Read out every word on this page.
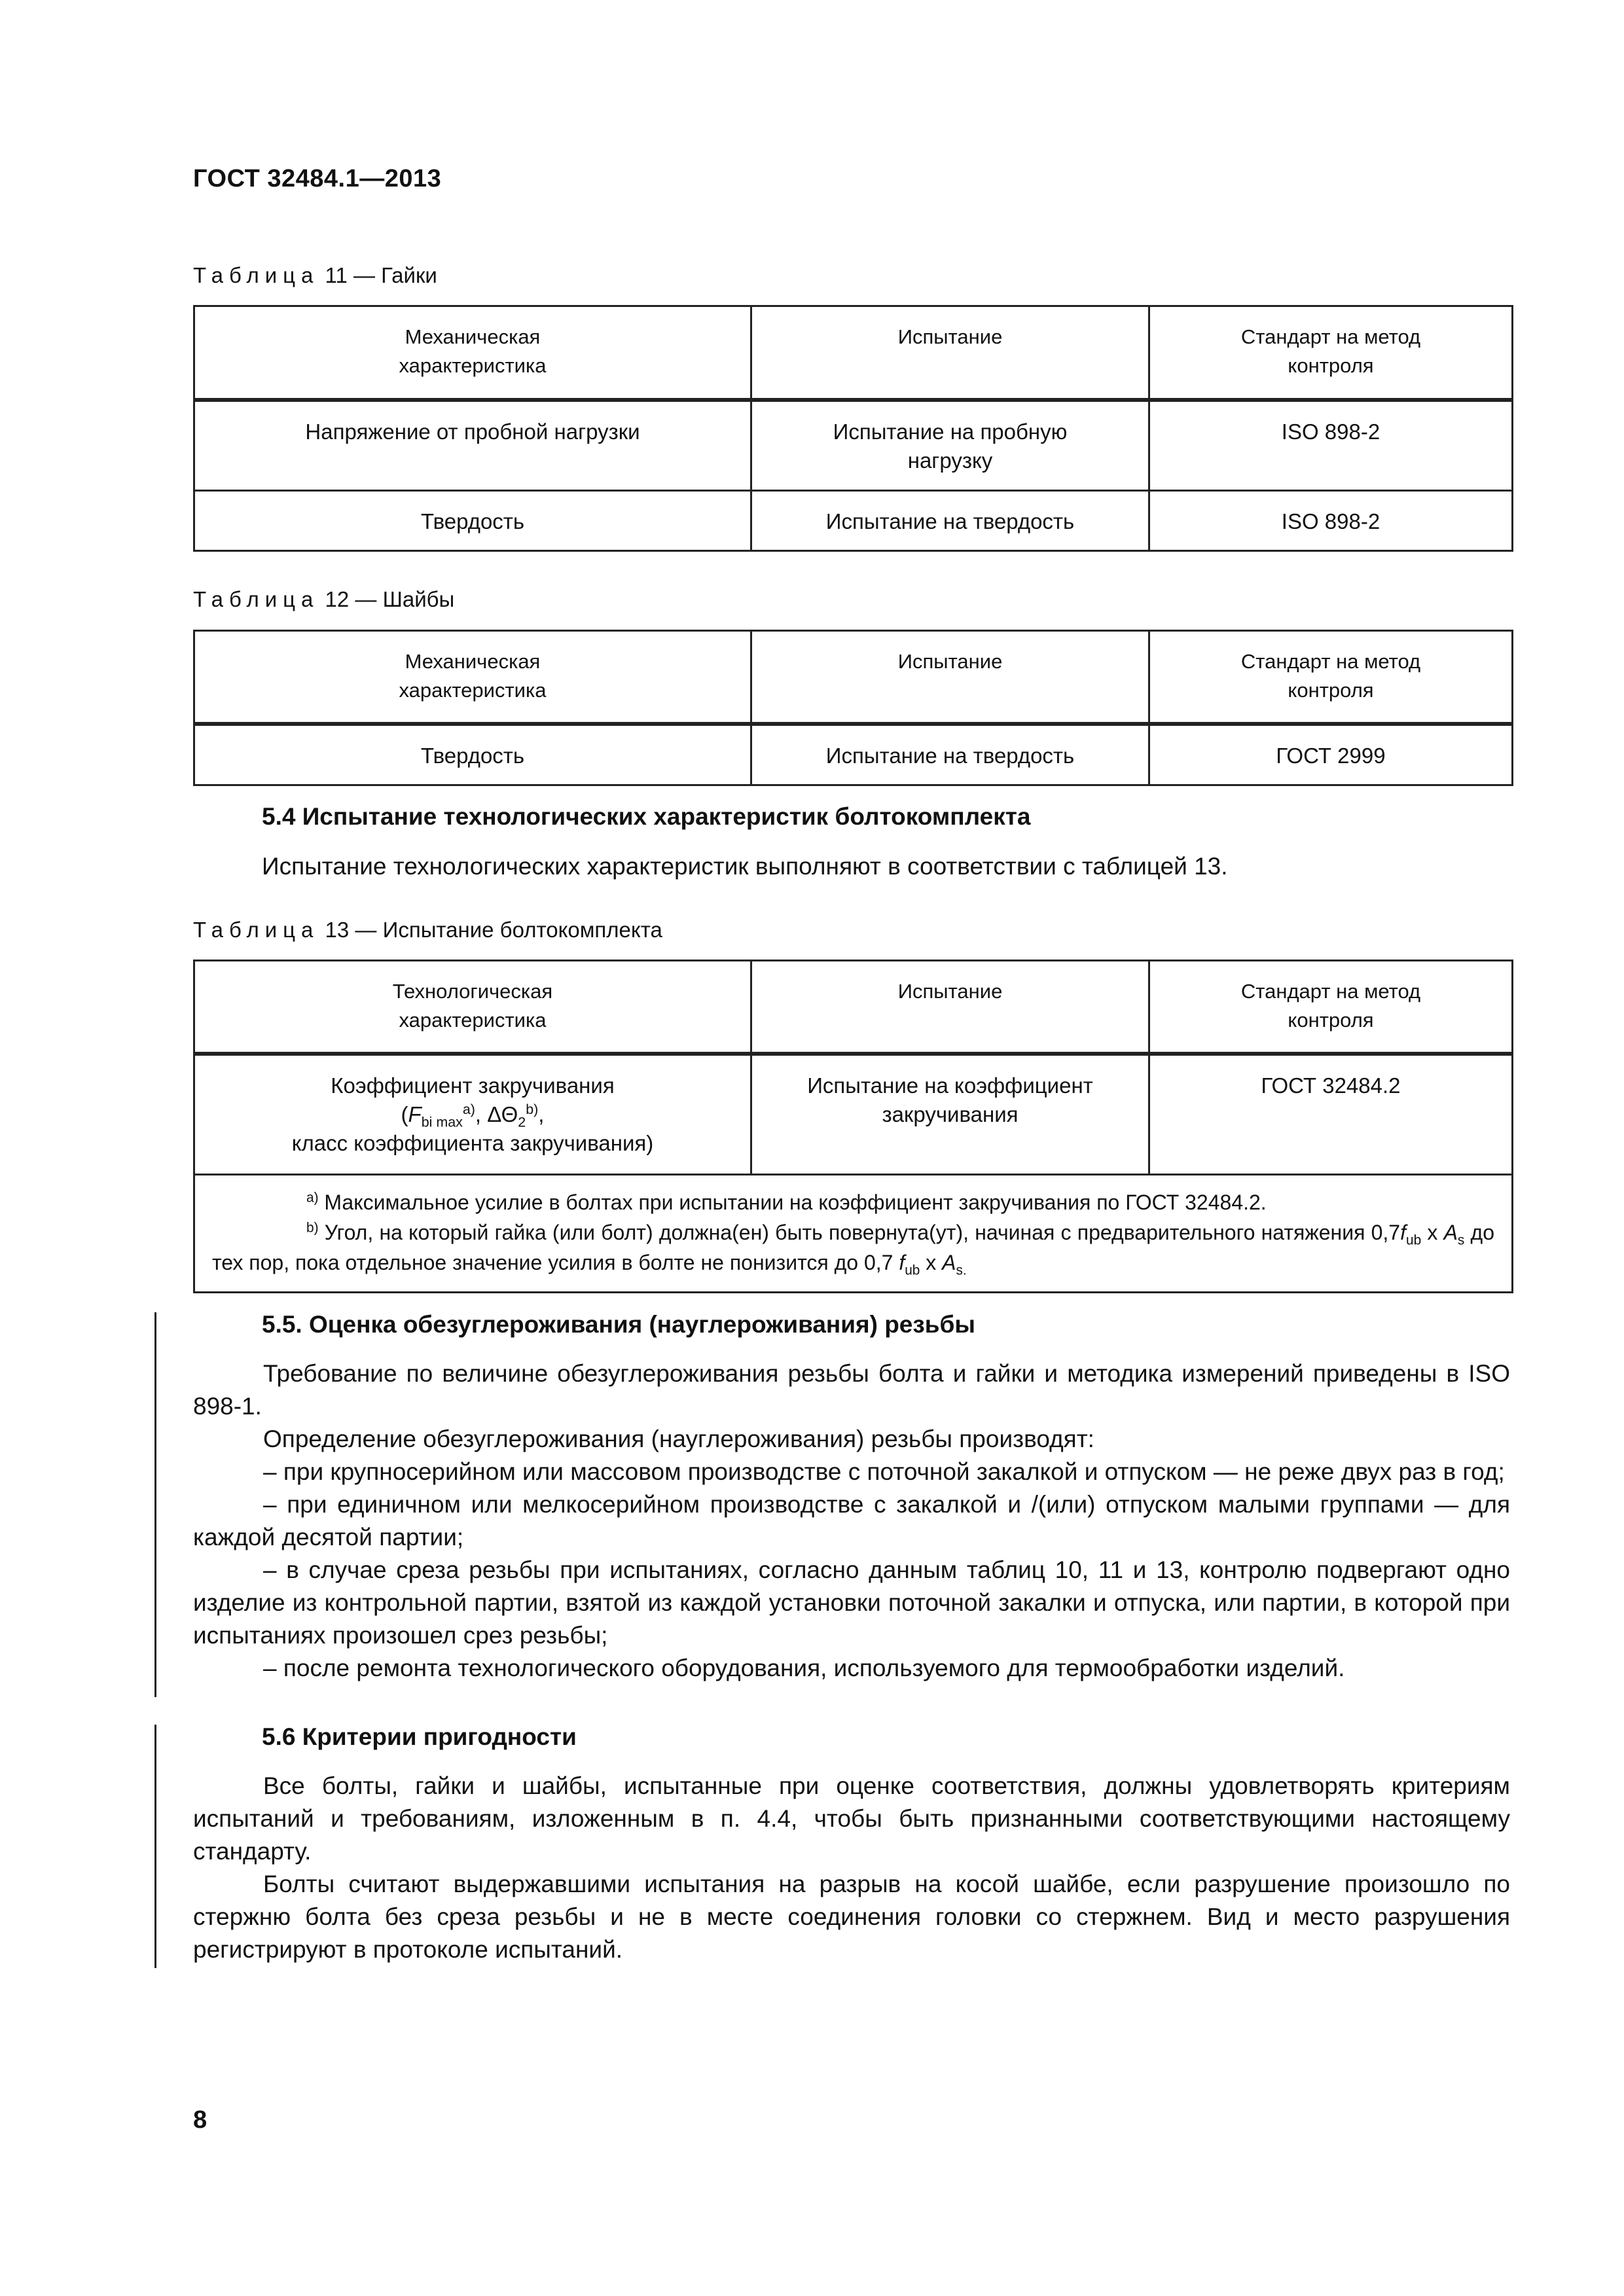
ГОСТ 32484.1—2013
Таблица 11 — Гайки
Механическая характеристика	Испытание	Стандарт на метод контроля
Напряжение от пробной нагрузки	Испытание на пробную нагрузку	ISO 898-2
Твердость	Испытание на твердость	ISO 898-2
Таблица 12 — Шайбы
Механическая характеристика	Испытание	Стандарт на метод контроля
Твердость	Испытание на твердость	ГОСТ 2999
5.4 Испытание технологических характеристик болтокомплекта
Испытание технологических характеристик выполняют в соответствии с таблицей 13.
Таблица 13 — Испытание болтокомплекта
Технологическая характеристика	Испытание	Стандарт на метод контроля

Коэффициент закручивания
($F_{bi max}^{a)}$, $\Delta\Theta_2^{b)}$,
класс коэффициента закручивания)	Испытание на коэффициент закручивания	ГОСТ 32484.2

$^{a)}$ Максимальное усилие в болтах при испытании на коэффициент закручивания по ГОСТ 32484.2.
$^{b)}$ Угол, на который гайка (или болт) должна(ен) быть повернута(ут), начиная с предварительного натяжения $0,7f_{ub}$ х $A_s$ до тех пор, пока отдельное значение усилия в болте не понизится до 0,7 $f_{ub}$ х $A_{s.}$
5.5. Оценка обезуглероживания (науглероживания) резьбы

Требование по величине обезуглероживания резьбы болта и гайки и методика измерений приведены в ISO 898-1.

Определение обезуглероживания (науглероживания) резьбы производят:

– при крупносерийном или массовом производстве с поточной закалкой и отпуском — не реже двух раз в год;

– при единичном или мелкосерийном производстве с закалкой и /(или) отпуском малыми группами — для каждой десятой партии;

– в случае среза резьбы при испытаниях, согласно данным таблиц 10, 11 и 13, контролю подвергают одно изделие из контрольной партии, взятой из каждой установки поточной закалки и отпуска, или партии, в которой при испытаниях произошел срез резьбы;

– после ремонта технологического оборудования, используемого для термообработки изделий.

5.6 Критерии пригодности

Все болты, гайки и шайбы, испытанные при оценке соответствия, должны удовлетворять критериям испытаний и требованиям, изложенным в п. 4.4, чтобы быть признанными соответствующими настоящему стандарту.

Болты считают выдержавшими испытания на разрыв на косой шайбе, если разрушение произошло по стержню болта без среза резьбы и не в месте соединения головки со стержнем. Вид и место разрушения регистрируют в протоколе испытаний.

8
